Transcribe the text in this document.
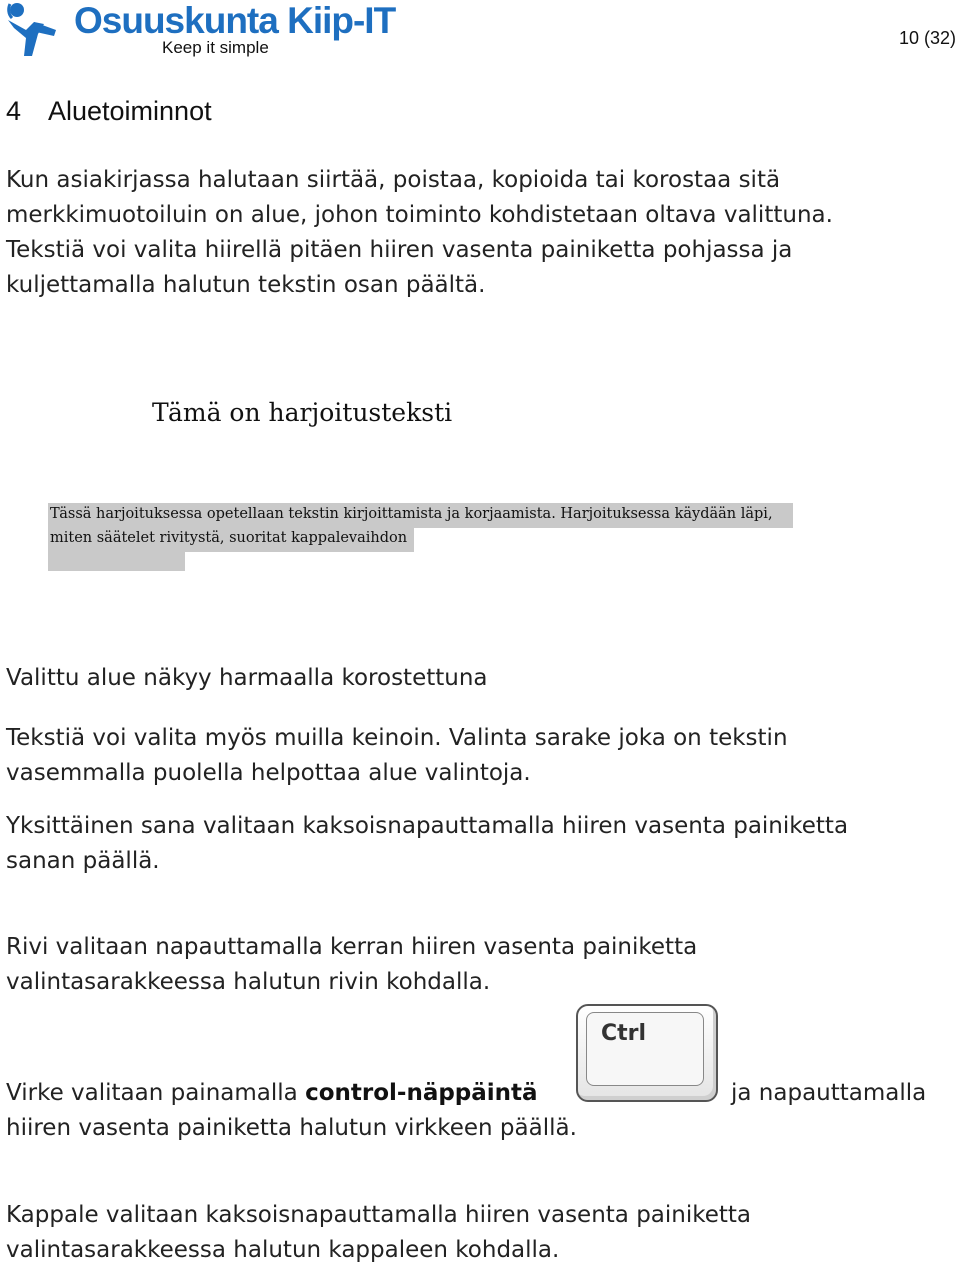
Osuuskunta Kiip-IT
Keep it simple	10 (32)
4 Aluetoiminnot
Kun asiakirjassa halutaan siirtää, poistaa, kopioida tai korostaa sitä
merkkimuotoiluin on alue, johon toiminto kohdistetaan oltava valittuna.
Tekstiä voi valita hiirellä pitäen hiiren vasenta painiketta pohjassa ja
kuljettamalla halutun tekstin osan päältä.
Tämä on harjoitusteksti
Tässä harjoituksessa opetellaan tekstin kirjoittamista ja korjaamista. Harjoituksessa käydään läpi,
miten säätelet rivitystä, suoritat kappalevaihdon
Valittu alue näkyy harmaalla korostettuna
Tekstiä voi valita myös muilla keinoin. Valinta sarake joka on tekstin
vasemmalla puolella helpottaa alue valintoja.
Yksittäinen sana valitaan kaksoisnapauttamalla hiiren vasenta painiketta
sanan päällä.
Rivi valitaan napauttamalla kerran hiiren vasenta painiketta
valintasarakkeessa halutun rivin kohdalla.
Ctrl
Virke valitaan painamalla control-näppäintä
hiiren vasenta painiketta halutun virkkeen päällä.
ja napauttamalla
Kappale valitaan kaksoisnapauttamalla hiiren vasenta painiketta
valintasarakkeessa halutun kappaleen kohdalla.
